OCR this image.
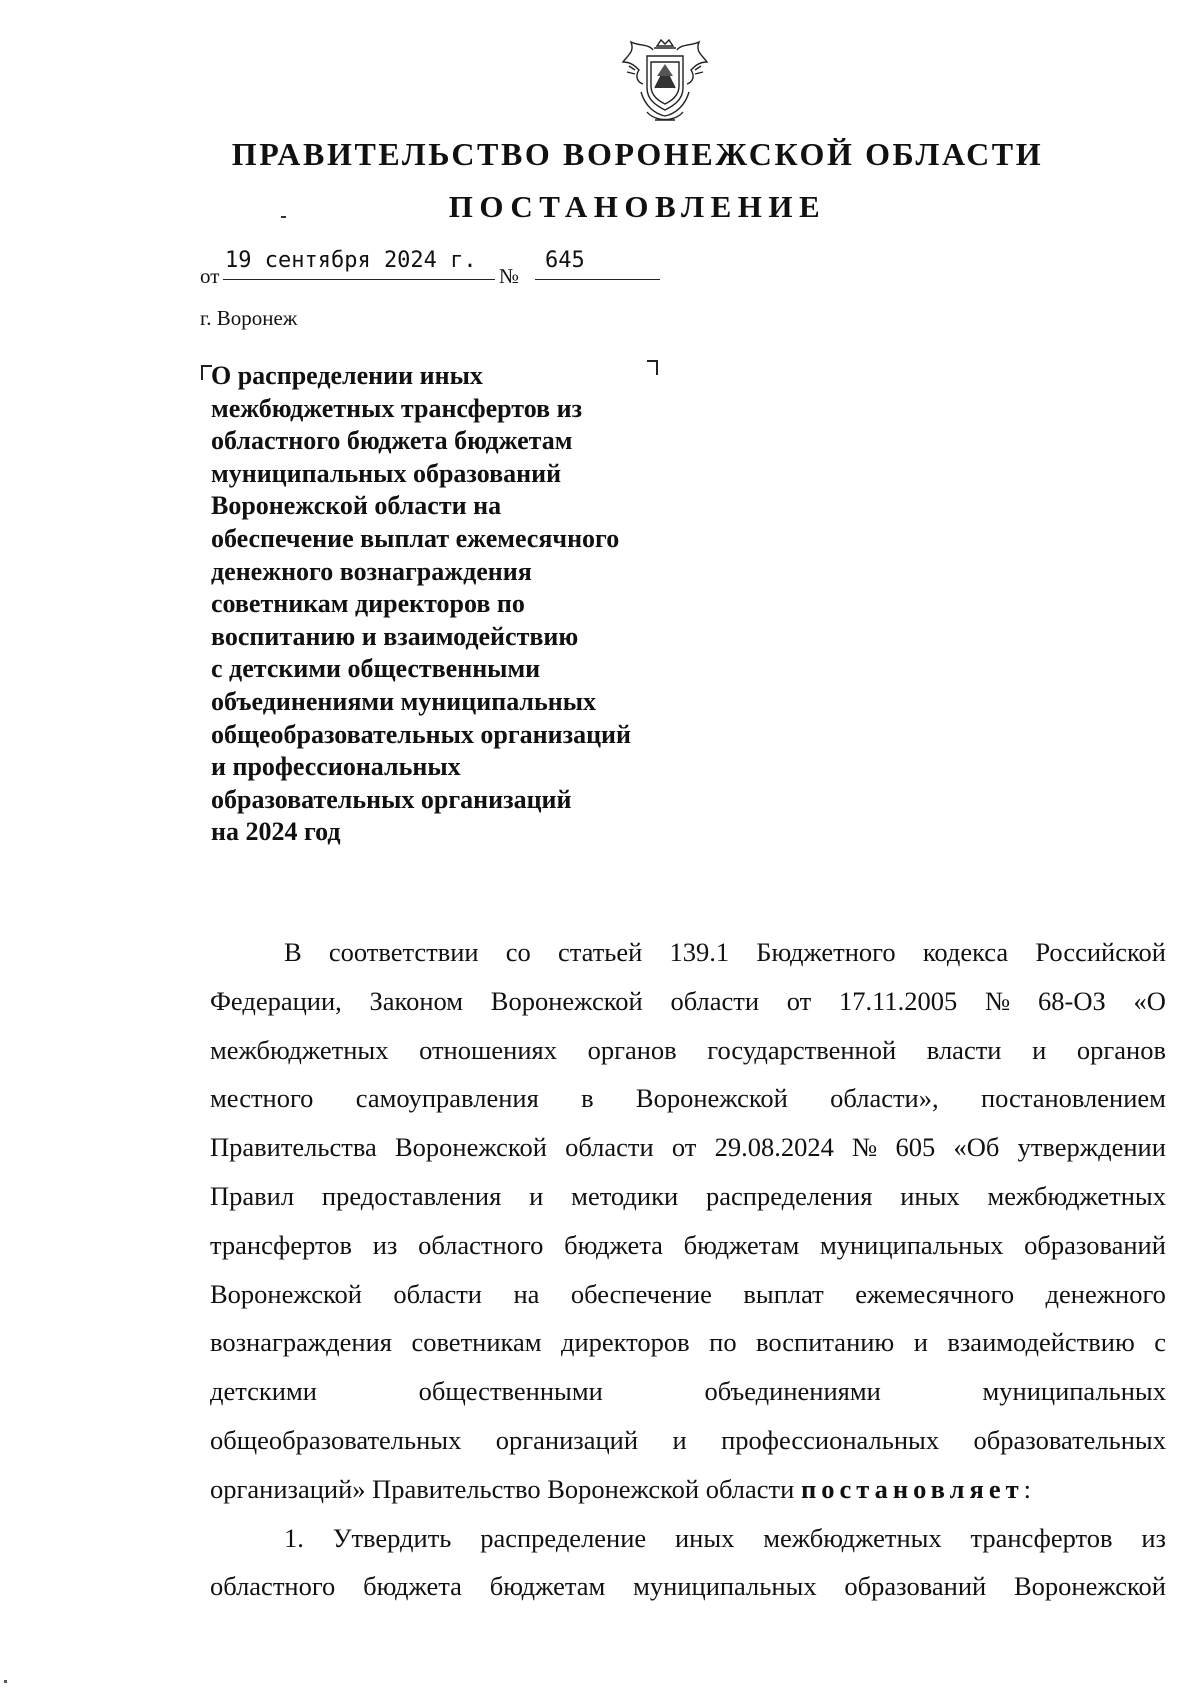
ПРАВИТЕЛЬСТВО ВОРОНЕЖСКОЙ ОБЛАСТИ
ПОСТАНОВЛЕНИЕ
от
19 сентября 2024 г.
№
645
г. Воронеж
О распределении иных
межбюджетных трансфертов из
областного бюджета бюджетам
муниципальных образований
Воронежской области на
обеспечение выплат ежемесячного
денежного вознаграждения
советникам директоров по
воспитанию и взаимодействию
с детскими общественными
объединениями муниципальных
общеобразовательных организаций
и профессиональных
образовательных организаций
на 2024 год
В соответствии со статьей 139.1 Бюджетного кодекса Российской
Федерации, Законом Воронежской области от 17.11.2005 № 68-ОЗ «О
межбюджетных отношениях органов государственной власти и органов
местного самоуправления в Воронежской области», постановлением
Правительства Воронежской области от 29.08.2024 № 605 «Об утверждении
Правил предоставления и методики распределения иных межбюджетных
трансфертов из областного бюджета бюджетам муниципальных образований
Воронежской области на обеспечение выплат ежемесячного денежного
вознаграждения советникам директоров по воспитанию и взаимодействию с
детскими	общественными	объединениями	муниципальных
общеобразовательных организаций и профессиональных образовательных
организаций» Правительство Воронежской области
постановляет :
1. Утвердить распределение иных межбюджетных трансфертов из
областного бюджета бюджетам муниципальных образований Воронежской
